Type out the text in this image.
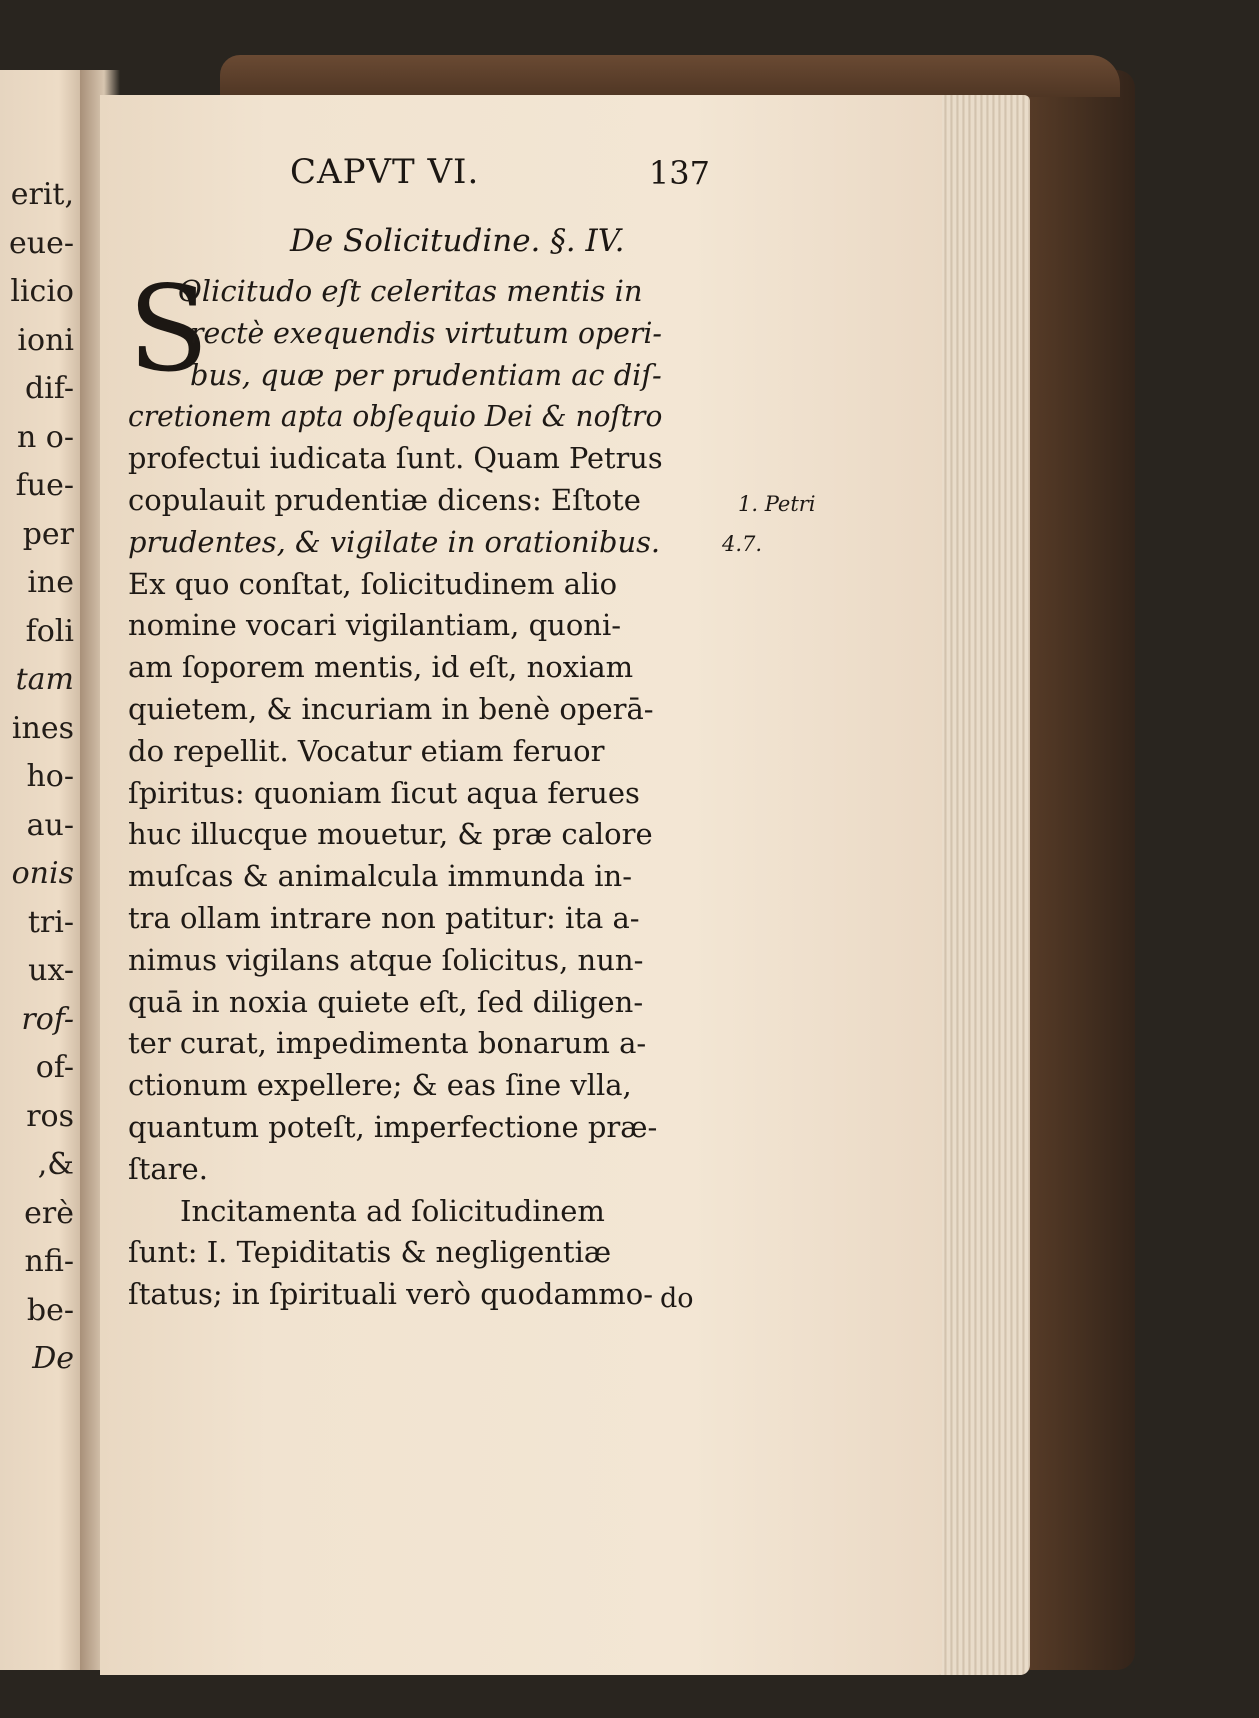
erit,
eue-
licio
ioni
dif-
n o-
fue-
per
ine
foli
tam
ines
ho-
au-
onis
tri-
ux-
rof-
of-
ros
,&
erè
nfi-
be-
De
CAPVT VI.	137
De Solicitudine. §. IV.
S
Olicitudo eſt celeritas mentis in
rectè exequendis virtutum operi-
bus, quæ per prudentiam ac diſ-
cretionem apta obſequio Dei & noſtro
profectui iudicata ſunt. Quam Petrus
copulauit prudentiæ dicens: Eſtote
prudentes, & vigilate in orationibus.
Ex quo conſtat, ſolicitudinem alio
nomine vocari vigilantiam, quoni-
am ſoporem mentis, id eſt, noxiam
quietem, & incuriam in benè operā-
do repellit. Vocatur etiam feruor
ſpiritus: quoniam ſicut aqua ferues
huc illucque mouetur, & præ calore
muſcas & animalcula immunda in-
tra ollam intrare non patitur: ita a-
nimus vigilans atque ſolicitus, nun-
quā in noxia quiete eſt, ſed diligen-
ter curat, impedimenta bonarum a-
ctionum expellere; & eas ſine vlla,
quantum poteſt, imperfectione præ-
ſtare.
Incitamenta ad ſolicitudinem
ſunt: I. Tepiditatis & negligentiæ
ſtatus; in ſpirituali verò quodammo-
1. Petri
4.7.
do
